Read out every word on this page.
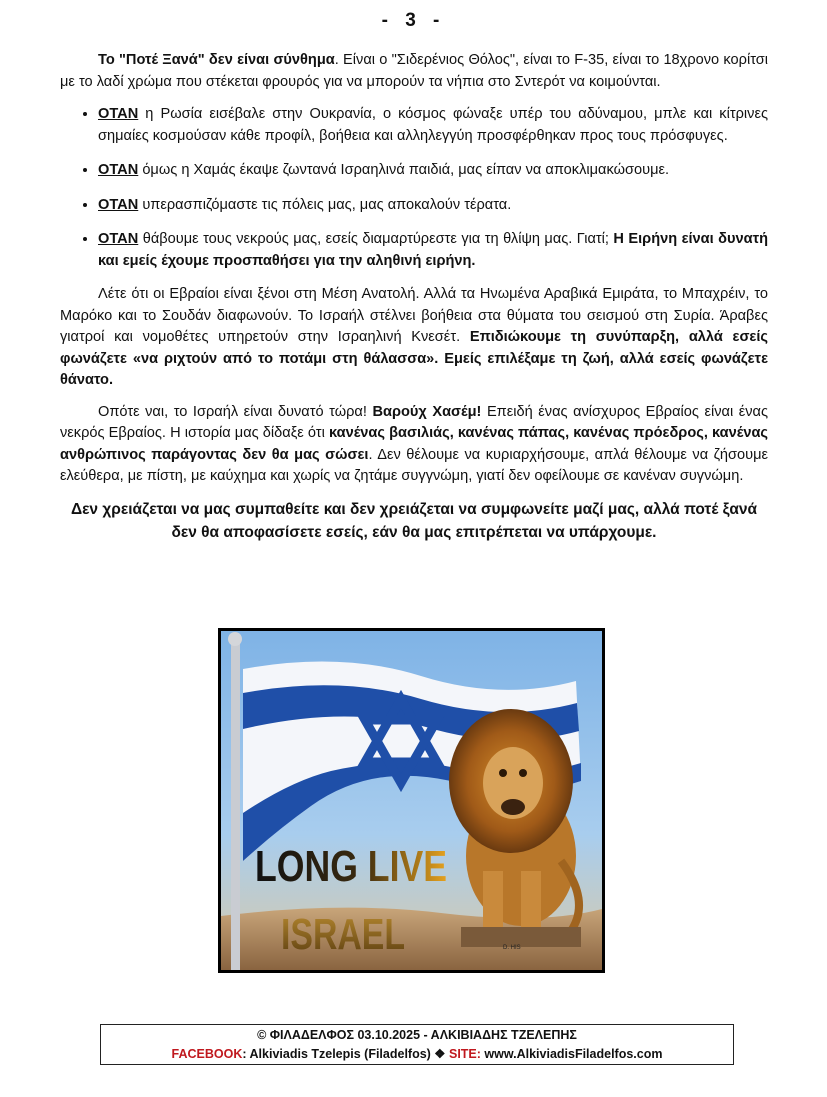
- 3 -

Το "Ποτέ Ξανά" δεν είναι σύνθημα. Είναι ο "Σιδερένιος Θόλος", είναι το F-35, είναι το 18χρονο κορίτσι με το λαδί χρώμα που στέκεται φρουρός για να μπορούν τα νήπια στο Σντερότ να κοιμούνται.

• ΟΤΑΝ η Ρωσία εισέβαλε στην Ουκρανία, ο κόσμος φώναξε υπέρ του αδύναμου, μπλε και κίτρινες σημαίες κοσμούσαν κάθε προφίλ, βοήθεια και αλληλεγγύη προσφέρθηκαν προς τους πρόσφυγες.
• ΟΤΑΝ όμως η Χαμάς έκαψε ζωντανά Ισραηλινά παιδιά, μας είπαν να αποκλιμακώσουμε.
• ΟΤΑΝ υπερασπιζόμαστε τις πόλεις μας, μας αποκαλούν τέρατα.
• ΟΤΑΝ θάβουμε τους νεκρούς μας, εσείς διαμαρτύρεστε για τη θλίψη μας. Γιατί; Η Ειρήνη είναι δυνατή και εμείς έχουμε προσπαθήσει για την αληθινή ειρήνη.

Λέτε ότι οι Εβραίοι είναι ξένοι στη Μέση Ανατολή. Αλλά τα Ηνωμένα Αραβικά Εμιράτα, το Μπαχρέιν, το Μαρόκο και το Σουδάν διαφωνούν. Το Ισραήλ στέλνει βοήθεια στα θύματα του σεισμού στη Συρία. Άραβες γιατροί και νομοθέτες υπηρετούν στην Ισραηλινή Κνεσέτ. Επιδιώκουμε τη συνύπαρξη, αλλά εσείς φωνάζετε «να ριχτούν από το ποτάμι στη θάλασσα». Εμείς επιλέξαμε τη ζωή, αλλά εσείς φωνάζετε θάνατο.

Οπότε ναι, το Ισραήλ είναι δυνατό τώρα! Βαρούχ Χασέμ! Επειδή ένας ανίσχυρος Εβραίος είναι ένας νεκρός Εβραίος. Η ιστορία μας δίδαξε ότι κανένας βασιλιάς, κανένας πάπας, κανένας πρόεδρος, κανένας ανθρώπινος παράγοντας δεν θα μας σώσει. Δεν θέλουμε να κυριαρχήσουμε, απλά θέλουμε να ζήσουμε ελεύθερα, με πίστη, με καύχημα και χωρίς να ζητάμε συγγνώμη, γιατί δεν οφείλουμε σε κανέναν συγνώμη.

Δεν χρειάζεται να μας συμπαθείτε και δεν χρειάζεται να συμφωνείτε μαζί μας, αλλά ποτέ ξανά δεν θα αποφασίσετε εσείς, εάν θα μας επιτρέπεται να υπάρχουμε.
LONG LIVE
ISRAEL	D. HIS
© ΦΙΛΑΔΕΛΦΟΣ 03.10.2025 - ΑΛΚΙΒΙΑΔΗΣ ΤΖΕΛΕΠΗΣ
FACEBOOK: Alkiviadis Tzelepis (Filadelfos) ❖ SITE: www.AlkiviadisFiladelfos.com
